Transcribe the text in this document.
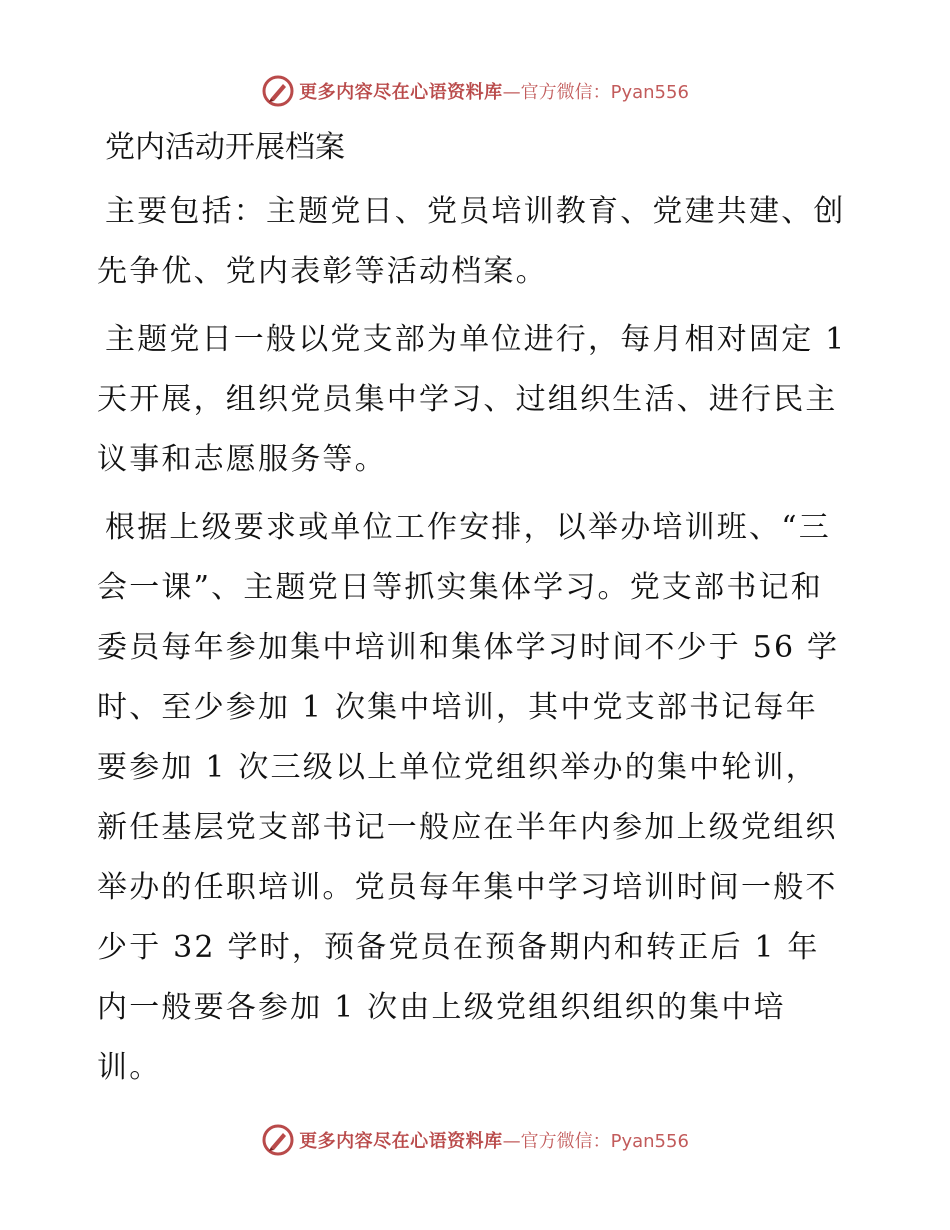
更多内容尽在心语资料库 —官方微信：Pyan556
党内活动开展档案

主要包括：主题党日、党员培训教育、党建共建、创先争优、党内表彰等活动档案。

主题党日一般以党支部为单位进行，每月相对固定 1 天开展，组织党员集中学习、过组织生活、进行民主议事和志愿服务等。

根据上级要求或单位工作安排，以举办培训班、“三会一课”、主题党日等抓实集体学习。党支部书记和委员每年参加集中培训和集体学习时间不少于 56 学时、至少参加 1 次集中培训，其中党支部书记每年要参加 1 次三级以上单位党组织举办的集中轮训，新任基层党支部书记一般应在半年内参加上级党组织举办的任职培训。党员每年集中学习培训时间一般不少于 32 学时，预备党员在预备期内和转正后 1 年内一般要各参加 1 次由上级党组织组织的集中培训。

更多内容尽在心语资料库 —官方微信：Pyan556
